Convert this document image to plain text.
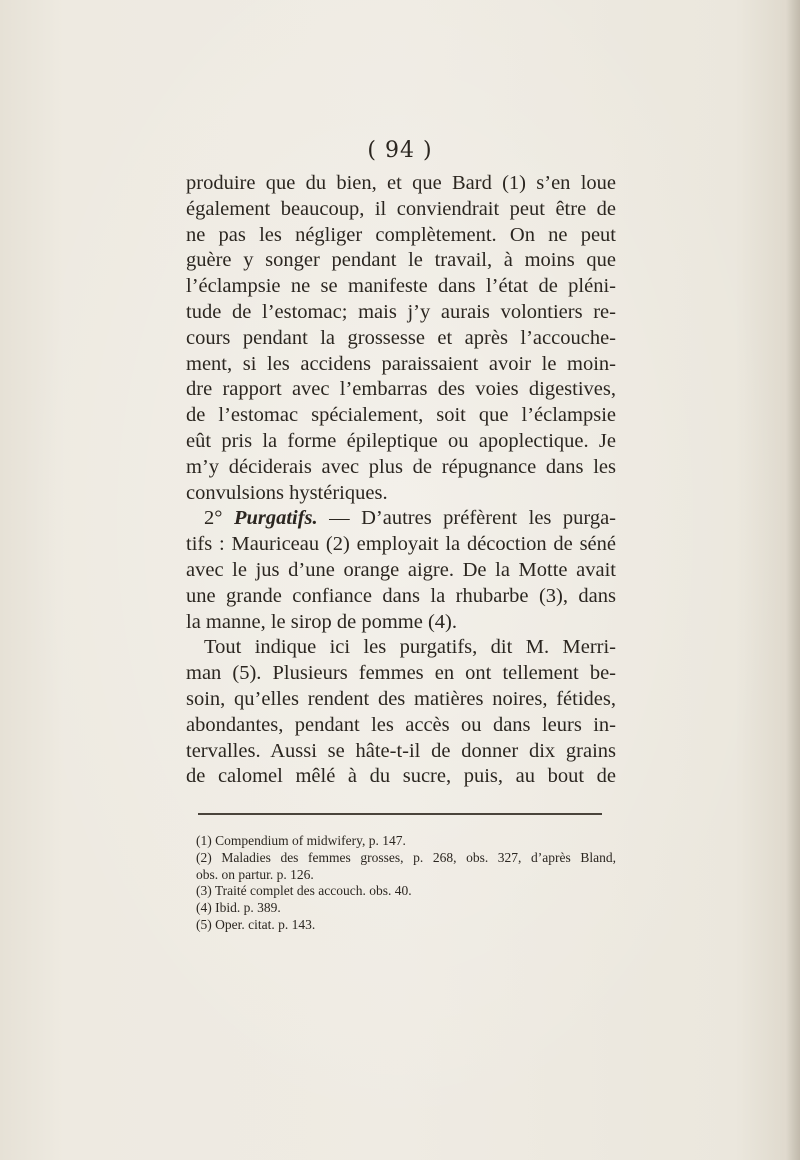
( 94 )
produire que du bien, et que Bard (1) s’en loue
également beaucoup, il conviendrait peut être de
ne pas les négliger complètement. On ne peut
guère y songer pendant le travail, à moins que
l’éclampsie ne se manifeste dans l’état de pléni-
tude de l’estomac; mais j’y aurais volontiers re-
cours pendant la grossesse et après l’accouche-
ment, si les accidens paraissaient avoir le moin-
dre rapport avec l’embarras des voies digestives,
de l’estomac spécialement, soit que l’éclampsie
eût pris la forme épileptique ou apoplectique. Je
m’y déciderais avec plus de répugnance dans les
convulsions hystériques.
2° Purgatifs. — D’autres préfèrent les purga-
tifs : Mauriceau (2) employait la décoction de séné
avec le jus d’une orange aigre. De la Motte avait
une grande confiance dans la rhubarbe (3), dans
la manne, le sirop de pomme (4).
Tout indique ici les purgatifs, dit M. Merri-
man (5). Plusieurs femmes en ont tellement be-
soin, qu’elles rendent des matières noires, fétides,
abondantes, pendant les accès ou dans leurs in-
tervalles. Aussi se hâte-t-il de donner dix grains
de calomel mêlé à du sucre, puis, au bout de
(1) Compendium of midwifery, p. 147.
(2) Maladies des femmes grosses, p. 268, obs. 327, d’après Bland,
obs. on partur. p. 126.
(3) Traité complet des accouch. obs. 40.
(4) Ibid. p. 389.
(5) Oper. citat. p. 143.
